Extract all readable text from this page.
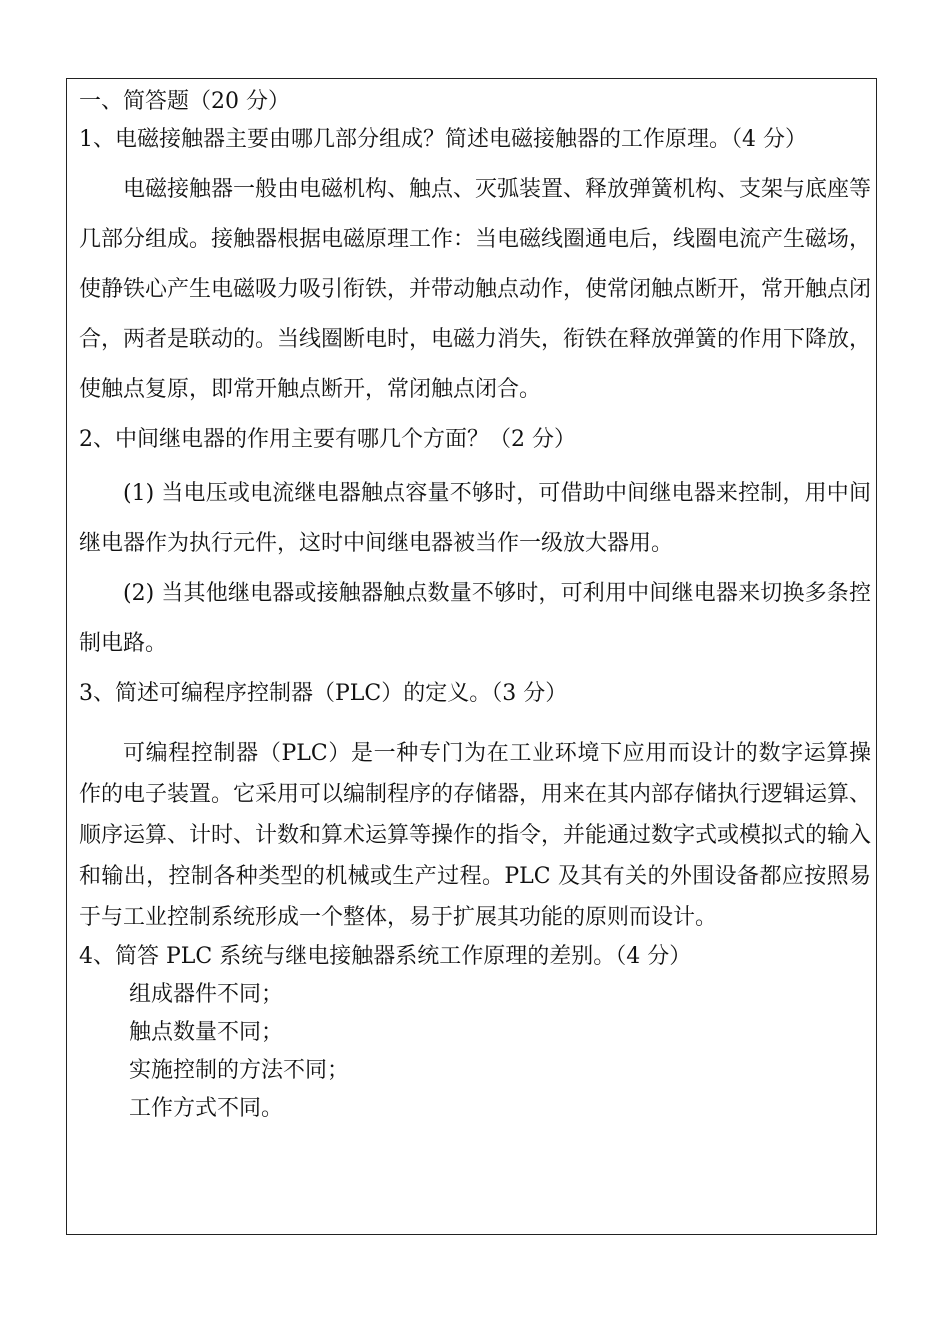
一、简答题（20 分）

1、电磁接触器主要由哪几部分组成？简述电磁接触器的工作原理。（4 分）

电磁接触器一般由电磁机构、触点、灭弧装置、释放弹簧机构、支架与底座等几部分组成。接触器根据电磁原理工作：当电磁线圈通电后，线圈电流产生磁场，使静铁心产生电磁吸力吸引衔铁，并带动触点动作，使常闭触点断开，常开触点闭合，两者是联动的。当线圈断电时，电磁力消失，衔铁在释放弹簧的作用下降放，使触点复原，即常开触点断开，常闭触点闭合。

2、中间继电器的作用主要有哪几个方面？（2 分）

(1) 当电压或电流继电器触点容量不够时，可借助中间继电器来控制，用中间继电器作为执行元件，这时中间继电器被当作一级放大器用。

(2) 当其他继电器或接触器触点数量不够时，可利用中间继电器来切换多条控制电路。

3、简述可编程序控制器（PLC）的定义。（3 分）

可编程控制器（PLC）是一种专门为在工业环境下应用而设计的数字运算操作的电子装置。它采用可以编制程序的存储器，用来在其内部存储执行逻辑运算、顺序运算、计时、计数和算术运算等操作的指令，并能通过数字式或模拟式的输入和输出，控制各种类型的机械或生产过程。PLC 及其有关的外围设备都应按照易于与工业控制系统形成一个整体，易于扩展其功能的原则而设计。

4、简答 PLC 系统与继电接触器系统工作原理的差别。（4 分）

组成器件不同；
触点数量不同；
实施控制的方法不同；
工作方式不同。
